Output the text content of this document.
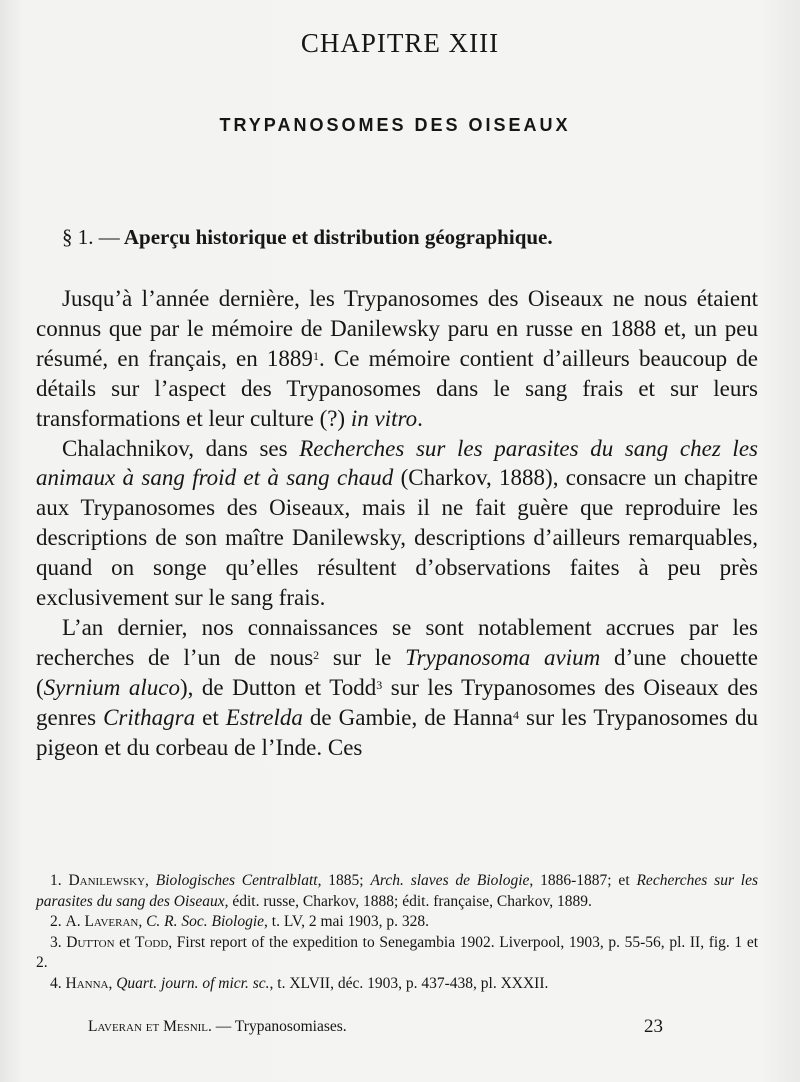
CHAPITRE XIII
TRYPANOSOMES DES OISEAUX
§ 1. — Aperçu historique et distribution géographique.

Jusqu’à l’année dernière, les Trypanosomes des Oiseaux ne nous étaient connus que par le mémoire de Danilewsky paru en russe en 1888 et, un peu résumé, en français, en 1889$^1$. Ce mémoire contient d’ailleurs beaucoup de détails sur l’aspect des Trypanosomes dans le sang frais et sur leurs transformations et leur culture (?) in vitro.

Chalachnikov, dans ses Recherches sur les parasites du sang chez les animaux à sang froid et à sang chaud (Charkov, 1888), consacre un chapitre aux Trypanosomes des Oiseaux, mais il ne fait guère que reproduire les descriptions de son maître Danilewsky, descriptions d’ailleurs remarquables, quand on songe qu’elles résultent d’observations faites à peu près exclusivement sur le sang frais.

L’an dernier, nos connaissances se sont notablement accrues par les recherches de l’un de nous$^2$ sur le Trypanosoma avium d’une chouette (Syrnium aluco), de Dutton et Todd$^3$ sur les Trypanosomes des Oiseaux des genres Crithagra et Estrelda de Gambie, de Hanna$^4$ sur les Trypanosomes du pigeon et du corbeau de l’Inde. Ces

1. Danilewsky, Biologisches Centralblatt, 1885; Arch. slaves de Biologie, 1886-1887; et Recherches sur les parasites du sang des Oiseaux, édit. russe, Charkov, 1888; édit. française, Charkov, 1889.

2. A. Laveran, C. R. Soc. Biologie, t. LV, 2 mai 1903, p. 328.

3. Dutton et Todd, First report of the expedition to Senegambia 1902. Liverpool, 1903, p. 55-56, pl. II, fig. 1 et 2.

4. Hanna, Quart. journ. of micr. sc., t. XLVII, déc. 1903, p. 437-438, pl. XXXII.

Laveran et Mesnil. — Trypanosomiases.	23
